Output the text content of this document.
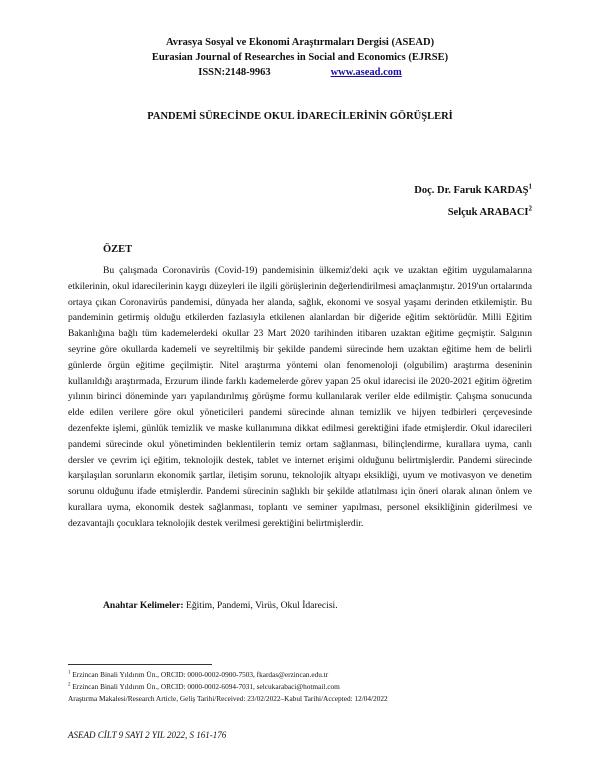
Avrasya Sosyal ve Ekonomi Araştırmaları Dergisi (ASEAD)
Eurasian Journal of Researches in Social and Economics (EJRSE)
ISSN:2148-9963	www.asead.com
PANDEMİ SÜRECİNDE OKUL İDARECİLERİNİN GÖRÜŞLERİ
Doç. Dr. Faruk KARDAŞ$^1$
Selçuk ARABACI$^2$
ÖZET

Bu çalışmada Coronavirüs (Covid-19) pandemisinin ülkemiz'deki açık ve uzaktan eğitim uygulamalarına etkilerinin, okul idarecilerinin kaygı düzeyleri ile ilgili görüşlerinin değerlendirilmesi amaçlanmıştır. 2019'un ortalarında ortaya çıkan Coronavirüs pandemisi, dünyada her alanda, sağlık, ekonomi ve sosyal yaşamı derinden etkilemiştir. Bu pandeminin getirmiş olduğu etkilerden fazlasıyla etkilenen alanlardan bir diğeride eğitim sektörüdür. Milli Eğitim Bakanlığına bağlı tüm kademelerdeki okullar 23 Mart 2020 tarihinden itibaren uzaktan eğitime geçmiştir. Salgının seyrine göre okullarda kademeli ve seyreltilmiş bir şekilde pandemi sürecinde hem uzaktan eğitime hem de belirli günlerde örgün eğitime geçilmiştir. Nitel araştırma yöntemi olan fenomenoloji (olgubilim) araştırma deseninin kullanıldığı araştırmada, Erzurum ilinde farklı kademelerde görev yapan 25 okul idarecisi ile 2020-2021 eğitim öğretim yılının birinci döneminde yarı yapılandırılmış görüşme formu kullanılarak veriler elde edilmiştir. Çalışma sonucunda elde edilen verilere göre okul yöneticileri pandemi sürecinde alınan temizlik ve hijyen tedbirleri çerçevesinde dezenfekte işlemi, günlük temizlik ve maske kullanımına dikkat edilmesi gerektiğini ifade etmişlerdir. Okul idarecileri pandemi sürecinde okul yönetiminden beklentilerin temiz ortam sağlanması, bilinçlendirme, kurallara uyma, canlı dersler ve çevrim içi eğitim, teknolojik destek, tablet ve internet erişimi olduğunu belirtmişlerdir. Pandemi sürecinde karşılaşılan sorunların ekonomik şartlar, iletişim sorunu, teknolojik altyapı eksikliği, uyum ve motivasyon ve denetim sorunu olduğunu ifade etmişlerdir. Pandemi sürecinin sağlıklı bir şekilde atlatılması için öneri olarak alınan önlem ve kurallara uyma, ekonomik destek sağlanması, toplantı ve seminer yapılması, personel eksikliğinin giderilmesi ve dezavantajlı çocuklara teknolojik destek verilmesi gerektiğini belirtmişlerdir.

Anahtar Kelimeler: Eğitim, Pandemi, Virüs, Okul İdarecisi.
$^1$ Erzincan Binali Yıldırım Ün., ORCID: 0000-0002-0900-7503, fkardas@erzincan.edu.tr
$^2$ Erzincan Binali Yıldırım Ün., ORCID: 0000-0002-6094-7031, selcukarabaci@hotmail.com
Araştırma Makalesi/Research Article, Geliş Tarihi/Received: 23/02/2022–Kabul Tarihi/Accepted: 12/04/2022
ASEAD CİLT 9 SAYI 2 YIL 2022, S 161-176
